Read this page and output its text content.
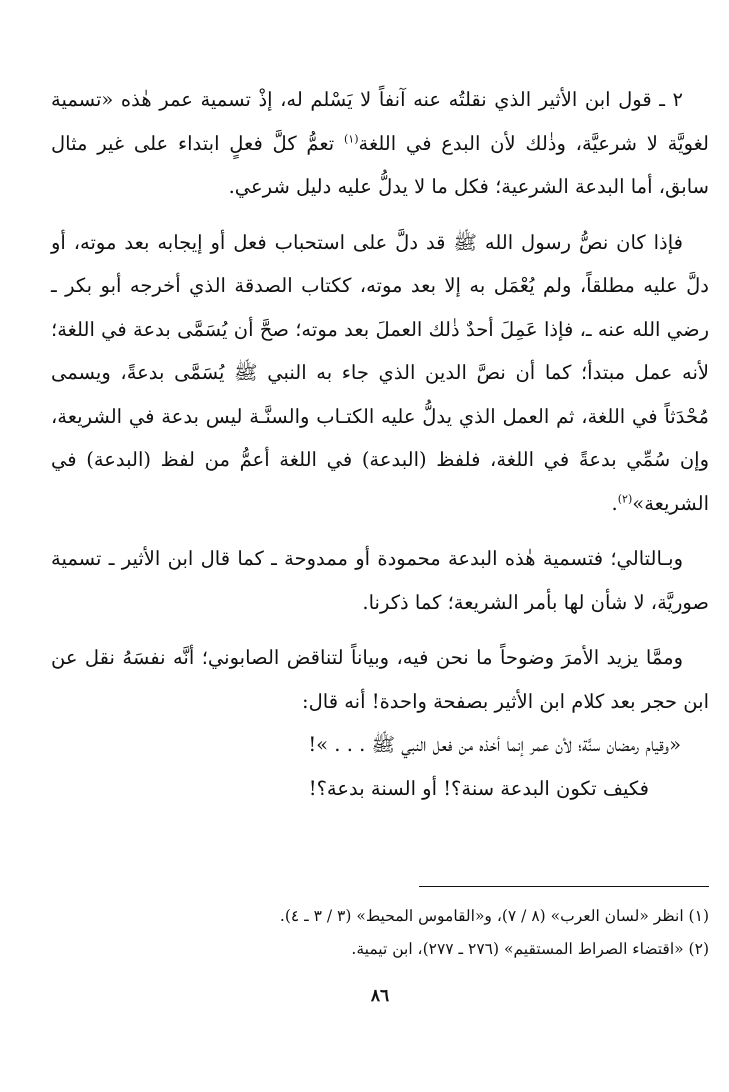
٢ ـ قول ابن الأثير الذي نقلتُه عنه آنفاً لا يَسْلم له، إذْ تسمية عمر هٰذه «تسمية لغويَّة لا شرعيَّة، وذٰلك لأن البدع في اللغة$^{(١)}$ تعمُّ كلَّ فعلٍ ابتداء على غير مثال سابق، أما البدعة الشرعية؛ فكل ما لا يدلُّ عليه دليل شرعي.

فإذا كان نصُّ رسول الله ﷺ قد دلَّ على استحباب فعل أو إيجابه بعد موته، أو دلَّ عليه مطلقاً، ولم يُعْمَل به إلا بعد موته، ككتاب الصدقة الذي أخرجه أبو بكر ـ رضي الله عنه ـ، فإذا عَمِلَ أحدٌ ذٰلك العملَ بعد موته؛ صحَّ أن يُسَمَّى بدعة في اللغة؛ لأنه عمل مبتدأ؛ كما أن نصَّ الدين الذي جاء به النبي ﷺ يُسَمَّى بدعةً، ويسمى مُحْدَثاً في اللغة، ثم العمل الذي يدلُّ عليه الكتـاب والسنَّـة ليس بدعة في الشريعة، وإن سُمِّي بدعةً في اللغة، فلفظ (البدعة) في اللغة أعمُّ من لفظ (البدعة) في الشريعة»$^{(٢)}$.

وبـالتالي؛ فتسمية هٰذه البدعة محمودة أو ممدوحة ـ كما قال ابن الأثير ـ تسمية صوريَّة، لا شأن لها بأمر الشريعة؛ كما ذكرنا.

وممَّا يزيد الأمرَ وضوحاً ما نحن فيه، وبياناً لتناقض الصابوني؛ أنَّه نفسَهُ نقل عن ابن حجر بعد كلام ابن الأثير بصفحة واحدة! أنه قال:

«وقيام رمضان سنَّة؛ لأن عمر إنما أخذه من فعل النبي ﷺ . . . »!

فكيف تكون البدعة سنة؟! أو السنة بدعة؟!

(١) انظر «لسان العرب» (٨ / ٧)، و«القاموس المحيط» (٣ / ٣ ـ ٤).

(٢) «اقتضاء الصراط المستقيم» (٢٧٦ ـ ٢٧٧)، ابن تيمية.

٨٦
